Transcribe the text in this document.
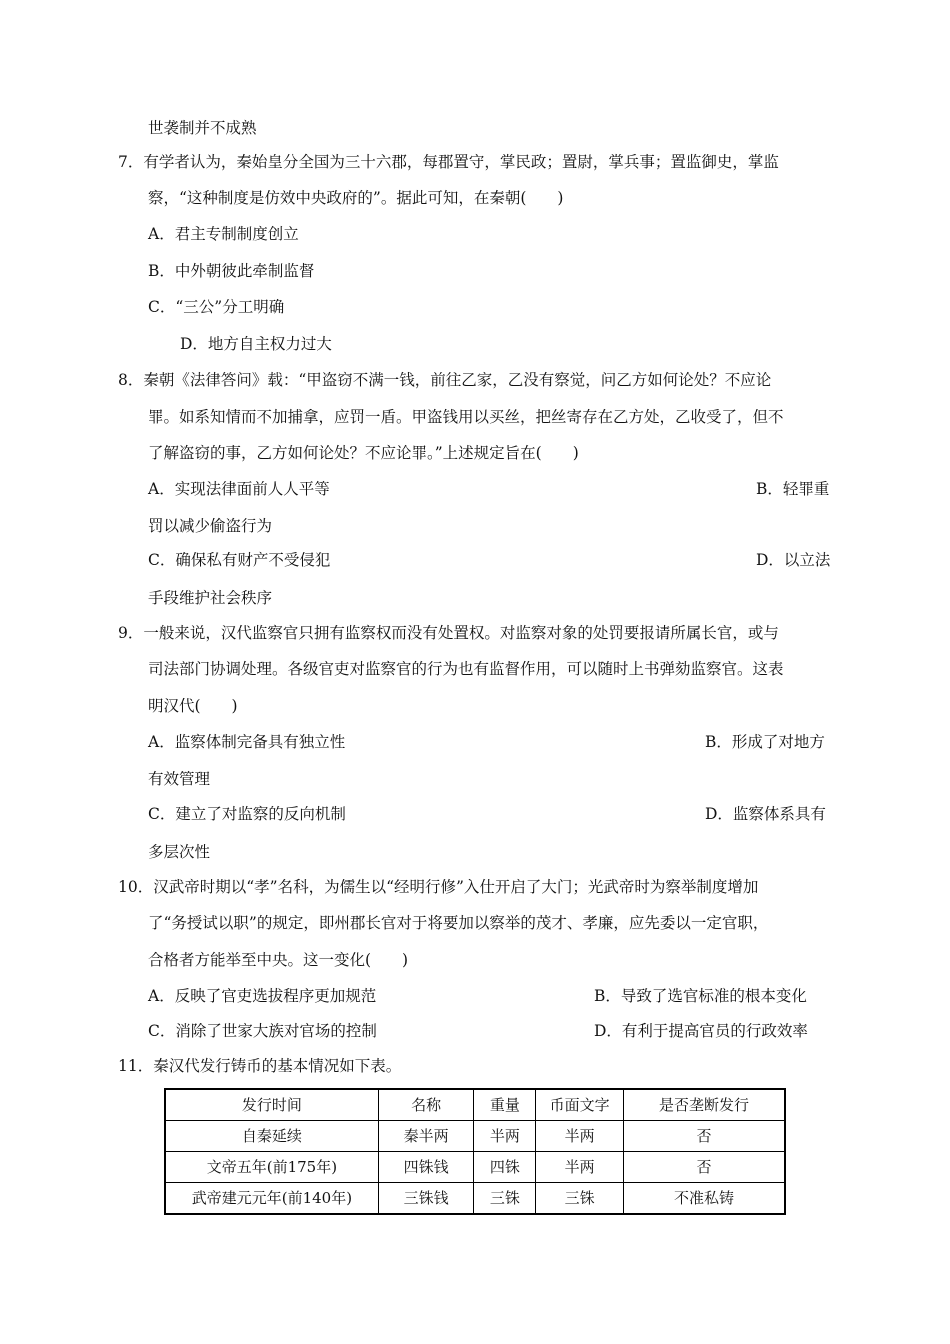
世袭制并不成熟
7．有学者认为，秦始皇分全国为三十六郡，每郡置守，掌民政；置尉，掌兵事；置监御史，掌监
察，“这种制度是仿效中央政府的”。据此可知，在秦朝(　　)
A．君主专制制度创立
B．中外朝彼此牵制监督
C．“三公”分工明确
D．地方自主权力过大
8．秦朝《法律答问》载：“甲盗窃不满一钱，前往乙家，乙没有察觉，问乙方如何论处？不应论
罪。如系知情而不加捕拿，应罚一盾。甲盗钱用以买丝，把丝寄存在乙方处，乙收受了，但不
了解盗窃的事，乙方如何论处？不应论罪。”上述规定旨在(　　)
A．实现法律面前人人平等	B．轻罪重
罚以减少偷盗行为
C．确保私有财产不受侵犯	D．以立法
手段维护社会秩序
9．一般来说，汉代监察官只拥有监察权而没有处置权。对监察对象的处罚要报请所属长官，或与
司法部门协调处理。各级官吏对监察官的行为也有监督作用，可以随时上书弹劾监察官。这表
明汉代(　　)
A．监察体制完备具有独立性	B．形成了对地方
有效管理
C．建立了对监察的反向机制	D．监察体系具有
多层次性
10．汉武帝时期以“孝”名科，为儒生以“经明行修”入仕开启了大门；光武帝时为察举制度增加
了“务授试以职”的规定，即州郡长官对于将要加以察举的茂才、孝廉，应先委以一定官职，
合格者方能举至中央。这一变化(　　)
A．反映了官吏选拔程序更加规范	B．导致了选官标准的根本变化
C．消除了世家大族对官场的控制	D．有利于提高官员的行政效率
11．秦汉代发行铸币的基本情况如下表。
发行时间	名称	重量	币面文字	是否垄断发行
自秦延续	秦半两	半两	半两	否
文帝五年(前175年)	四铢钱	四铢	半两	否
武帝建元元年(前140年)	三铢钱	三铢	三铢	不准私铸
